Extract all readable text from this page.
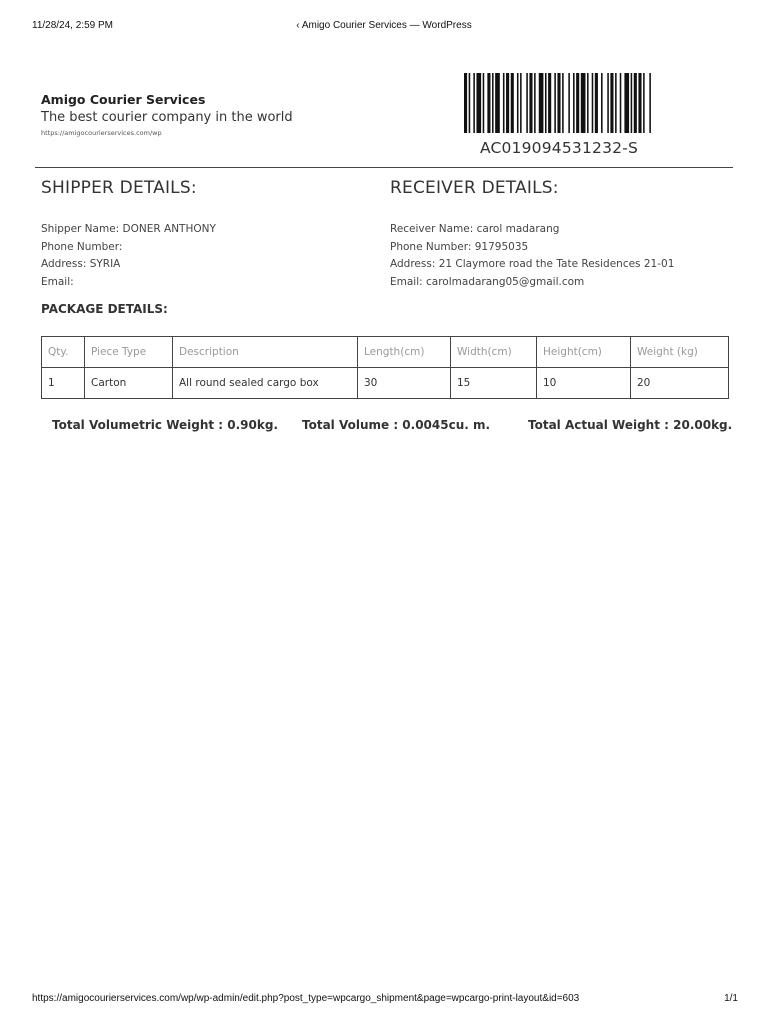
11/28/24, 2:59 PM	‹ Amigo Courier Services — WordPress
Amigo Courier Services
The best courier company in the world
https://amigocourierservices.com/wp
AC019094531232-S
SHIPPER DETAILS:	RECEIVER DETAILS:
Shipper Name: DONER ANTHONY
Phone Number:
Address: SYRIA
Email:
Receiver Name: carol madarang
Phone Number: 91795035
Address: 21 Claymore road the Tate Residences 21-01
Email: carolmadarang05@gmail.com
PACKAGE DETAILS:
Qty.	Piece Type	Description	Length(cm)	Width(cm)	Height(cm)	Weight (kg)
1	Carton	All round sealed cargo box	30	15	10	20
Total Volumetric Weight : 0.90kg. Total Volume : 0.0045cu. m.	Total Actual Weight : 20.00kg.
https://amigocourierservices.com/wp/wp-admin/edit.php?post_type=wpcargo_shipment&page=wpcargo-print-layout&id=603	1/1
